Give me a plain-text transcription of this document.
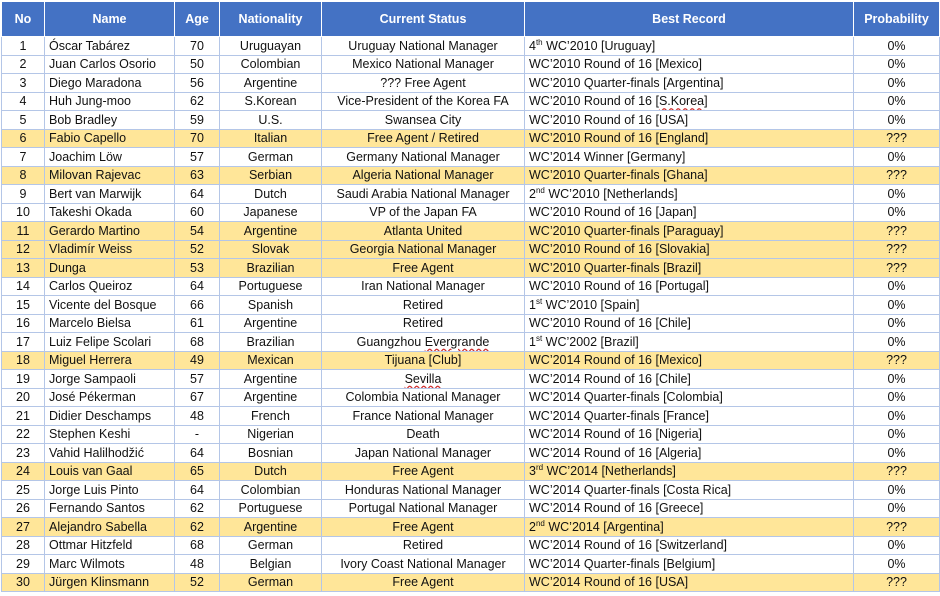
No	Name	Age	Nationality	Current Status	Best Record	Probability
1	Óscar Tabárez	70	Uruguayan	Uruguay National Manager	4th WC’2010 [Uruguay]	0%
2	Juan Carlos Osorio	50	Colombian	Mexico National Manager	WC’2010 Round of 16 [Mexico]	0%
3	Diego Maradona	56	Argentine	??? Free Agent	WC’2010 Quarter-finals [Argentina]	0%
4	Huh Jung-moo	62	S.Korean	Vice-President of the Korea FA	WC’2010 Round of 16 [S.Korea]	0%
5	Bob Bradley	59	U.S.	Swansea City	WC’2010 Round of 16 [USA]	0%
6	Fabio Capello	70	Italian	Free Agent / Retired	WC’2010 Round of 16 [England]	???
7	Joachim Löw	57	German	Germany National Manager	WC’2014 Winner [Germany]	0%
8	Milovan Rajevac	63	Serbian	Algeria National Manager	WC’2010 Quarter-finals [Ghana]	???
9	Bert van Marwijk	64	Dutch	Saudi Arabia National Manager	2nd WC’2010 [Netherlands]	0%
10	Takeshi Okada	60	Japanese	VP of the Japan FA	WC’2010 Round of 16 [Japan]	0%
11	Gerardo Martino	54	Argentine	Atlanta United	WC’2010 Quarter-finals [Paraguay]	???
12	Vladimír Weiss	52	Slovak	Georgia National Manager	WC’2010 Round of 16 [Slovakia]	???
13	Dunga	53	Brazilian	Free Agent	WC’2010 Quarter-finals [Brazil]	???
14	Carlos Queiroz	64	Portuguese	Iran National Manager	WC’2010 Round of 16 [Portugal]	0%
15	Vicente del Bosque	66	Spanish	Retired	1st WC’2010 [Spain]	0%
16	Marcelo Bielsa	61	Argentine	Retired	WC’2010 Round of 16 [Chile]	0%
17	Luiz Felipe Scolari	68	Brazilian	Guangzhou Evergrande	1st WC’2002 [Brazil]	0%
18	Miguel Herrera	49	Mexican	Tijuana [Club]	WC’2014 Round of 16 [Mexico]	???
19	Jorge Sampaoli	57	Argentine	Sevilla	WC’2014 Round of 16 [Chile]	0%
20	José Pékerman	67	Argentine	Colombia National Manager	WC’2014 Quarter-finals [Colombia]	0%
21	Didier Deschamps	48	French	France National Manager	WC’2014 Quarter-finals [France]	0%
22	Stephen Keshi	-	Nigerian	Death	WC’2014 Round of 16 [Nigeria]	0%
23	Vahid Halilhodžić	64	Bosnian	Japan National Manager	WC’2014 Round of 16 [Algeria]	0%
24	Louis van Gaal	65	Dutch	Free Agent	3rd WC’2014 [Netherlands]	???
25	Jorge Luis Pinto	64	Colombian	Honduras National Manager	WC’2014 Quarter-finals [Costa Rica]	0%
26	Fernando Santos	62	Portuguese	Portugal National Manager	WC’2014 Round of 16 [Greece]	0%
27	Alejandro Sabella	62	Argentine	Free Agent	2nd WC’2014 [Argentina]	???
28	Ottmar Hitzfeld	68	German	Retired	WC’2014 Round of 16 [Switzerland]	0%
29	Marc Wilmots	48	Belgian	Ivory Coast National Manager	WC’2014 Quarter-finals [Belgium]	0%
30	Jürgen Klinsmann	52	German	Free Agent	WC’2014 Round of 16 [USA]	???
